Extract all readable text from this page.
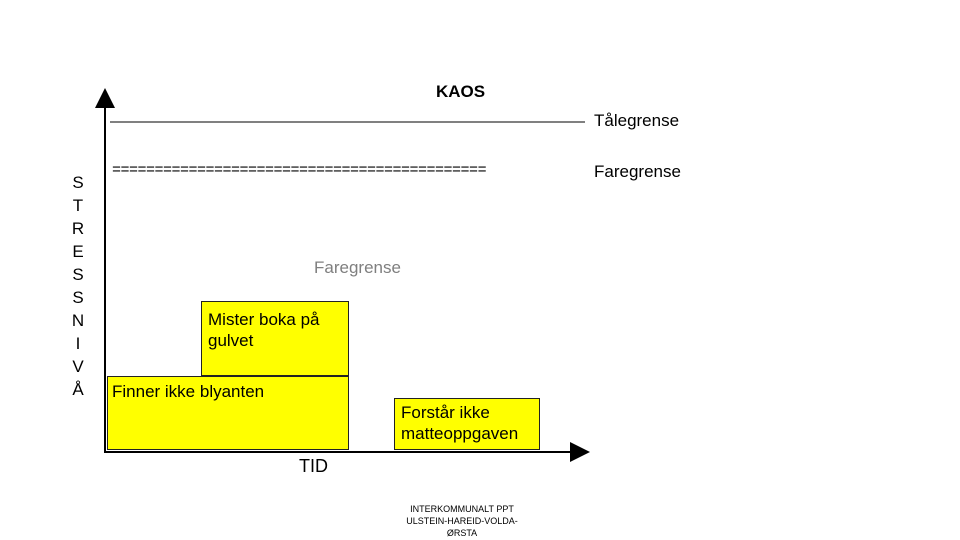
KAOS
Tålegrense
============================================	Faregrense
S
T
R
E
S
S
N
I
V
Å
Faregrense
Mister boka på gulvet
Finner ikke blyanten
Forstår ikke matteoppgaven
TID
INTERKOMMUNALT PPT
ULSTEIN-HAREID-VOLDA-
ØRSTA
